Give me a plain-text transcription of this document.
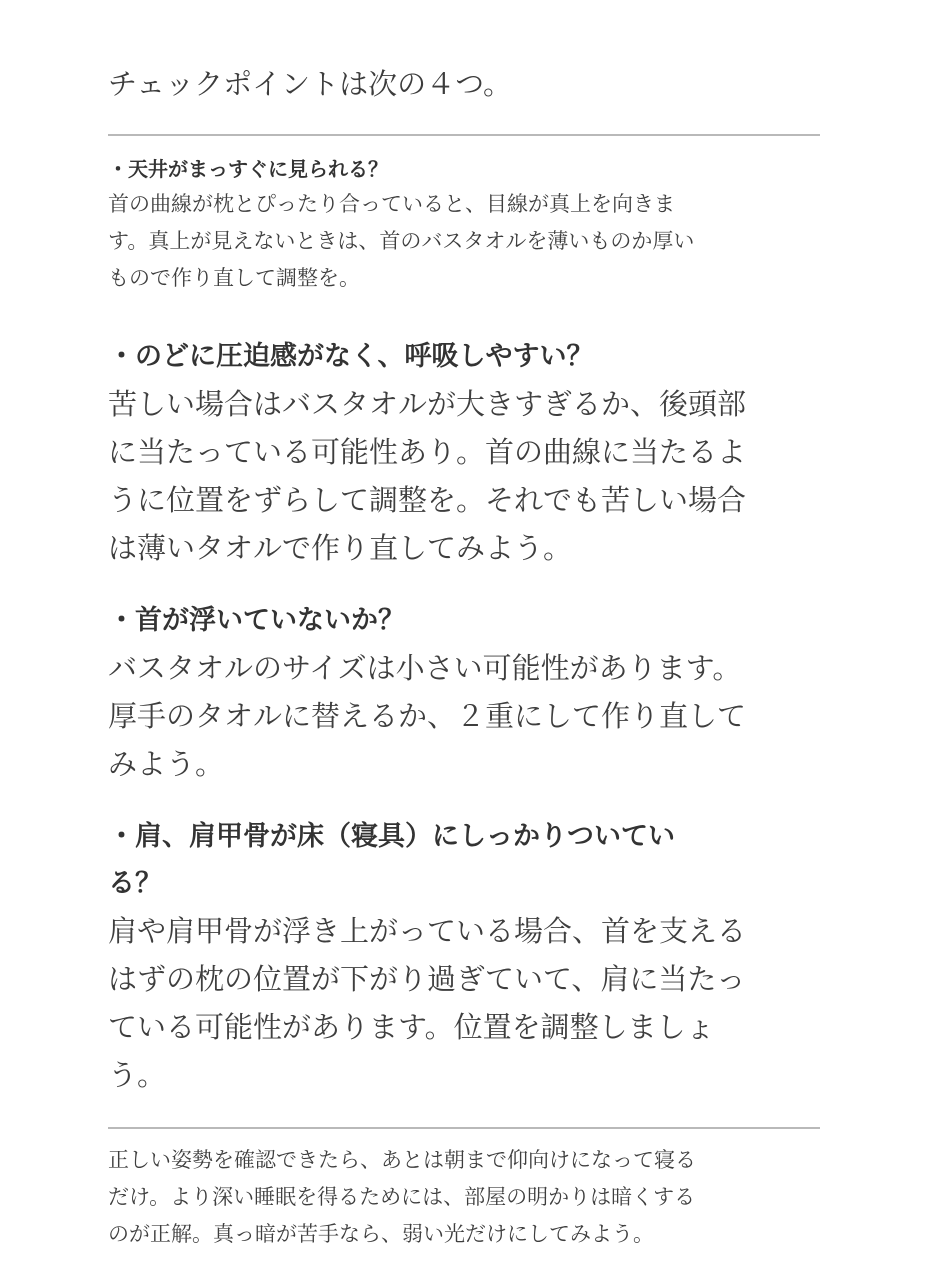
チェックポイントは次の４つ。
・天井がまっすぐに見られる？
首の曲線が枕とぴったり合っていると、目線が真上を向きま
す。真上が見えないときは、首のバスタオルを薄いものか厚い
もので作り直して調整を。
・のどに圧迫感がなく、呼吸しやすい？
苦しい場合はバスタオルが大きすぎるか、後頭部
に当たっている可能性あり。首の曲線に当たるよ
うに位置をずらして調整を。それでも苦しい場合
は薄いタオルで作り直してみよう。
・首が浮いていないか？
バスタオルのサイズは小さい可能性があります。
厚手のタオルに替えるか、２重にして作り直して
みよう。
・肩、肩甲骨が床（寝具）にしっかりついてい
る？
肩や肩甲骨が浮き上がっている場合、首を支える
はずの枕の位置が下がり過ぎていて、肩に当たっ
ている可能性があります。位置を調整しましょ
う。
正しい姿勢を確認できたら、あとは朝まで仰向けになって寝る
だけ。より深い睡眠を得るためには、部屋の明かりは暗くする
のが正解。真っ暗が苦手なら、弱い光だけにしてみよう。
